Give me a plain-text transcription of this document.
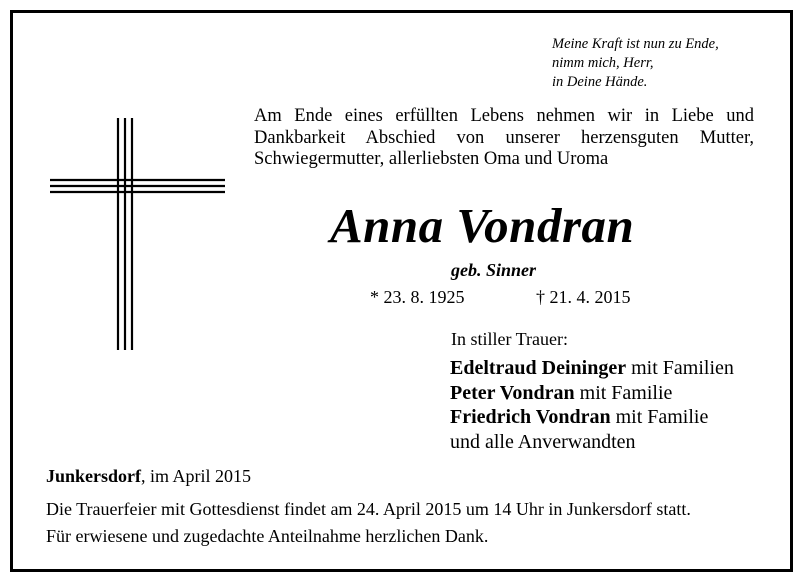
Meine Kraft ist nun zu Ende,
nimm mich, Herr,
in Deine Hände.
Am Ende eines erfüllten Lebens nehmen wir in Liebe und
Dankbarkeit Abschied von unserer herzensguten Mutter,
Schwiegermutter, allerliebsten Oma und Uroma
Anna Vondran
geb. Sinner
* 23. 8. 1925	† 21. 4. 2015
In stiller Trauer:
Edeltraud Deininger mit Familien
Peter Vondran mit Familie
Friedrich Vondran mit Familie
und alle Anverwandten
Junkersdorf, im April 2015
Die Trauerfeier mit Gottesdienst findet am 24. April 2015 um 14 Uhr in Junkersdorf statt.
Für erwiesene und zugedachte Anteilnahme herzlichen Dank.
